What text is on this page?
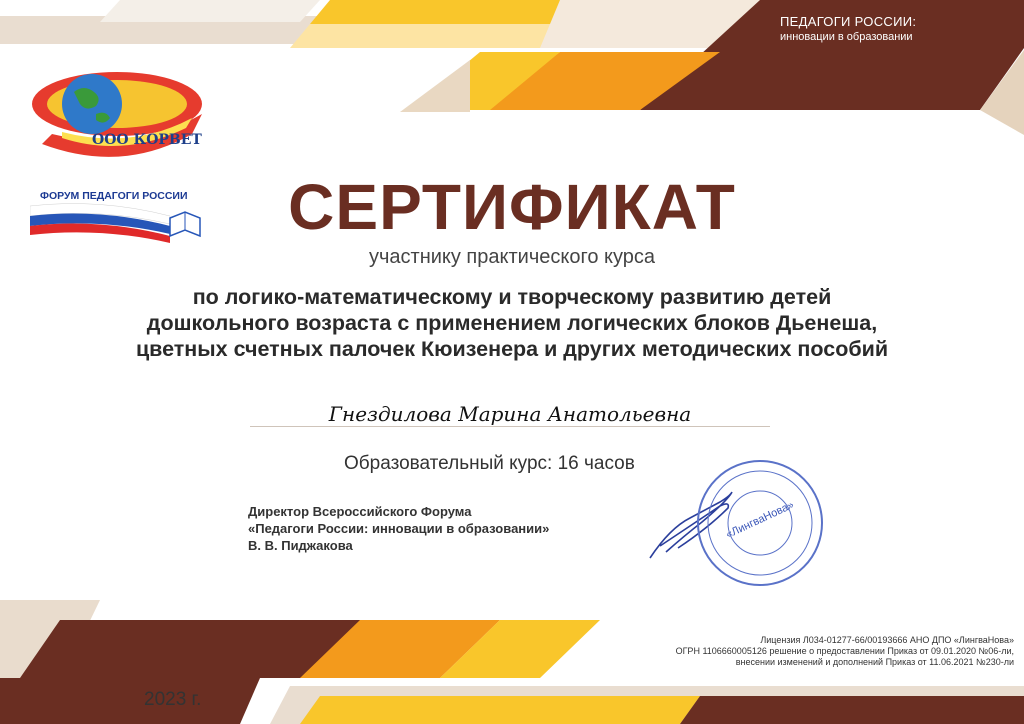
ПЕДАГОГИ РОССИИ:
инновации в образовании
ООО КОРВЕТ
ФОРУМ ПЕДАГОГИ РОССИИ	СЕРТИФИКАТ
участнику практического курса
по логико-математическому и творческому развитию детей
дошкольного возраста с применением логических блоков Дьенеша,
цветных счетных палочек Кюизенера и других методических пособий
Гнездилова Марина Анатольевна
Образовательный курс: 16 часов
Директор Всероссийского Форума
«Педагоги России: инновации в образовании»
В. В. Пиджакова
«ЛингваНова»
Лицензия Л034-01277-66/00193666 АНО ДПО «ЛингваНова»
ОГРН 1106660005126 решение о предоставлении Приказ от 09.01.2020 №06-ли,
внесении изменений и дополнений Приказ от 11.06.2021 №230-ли
2023 г.
